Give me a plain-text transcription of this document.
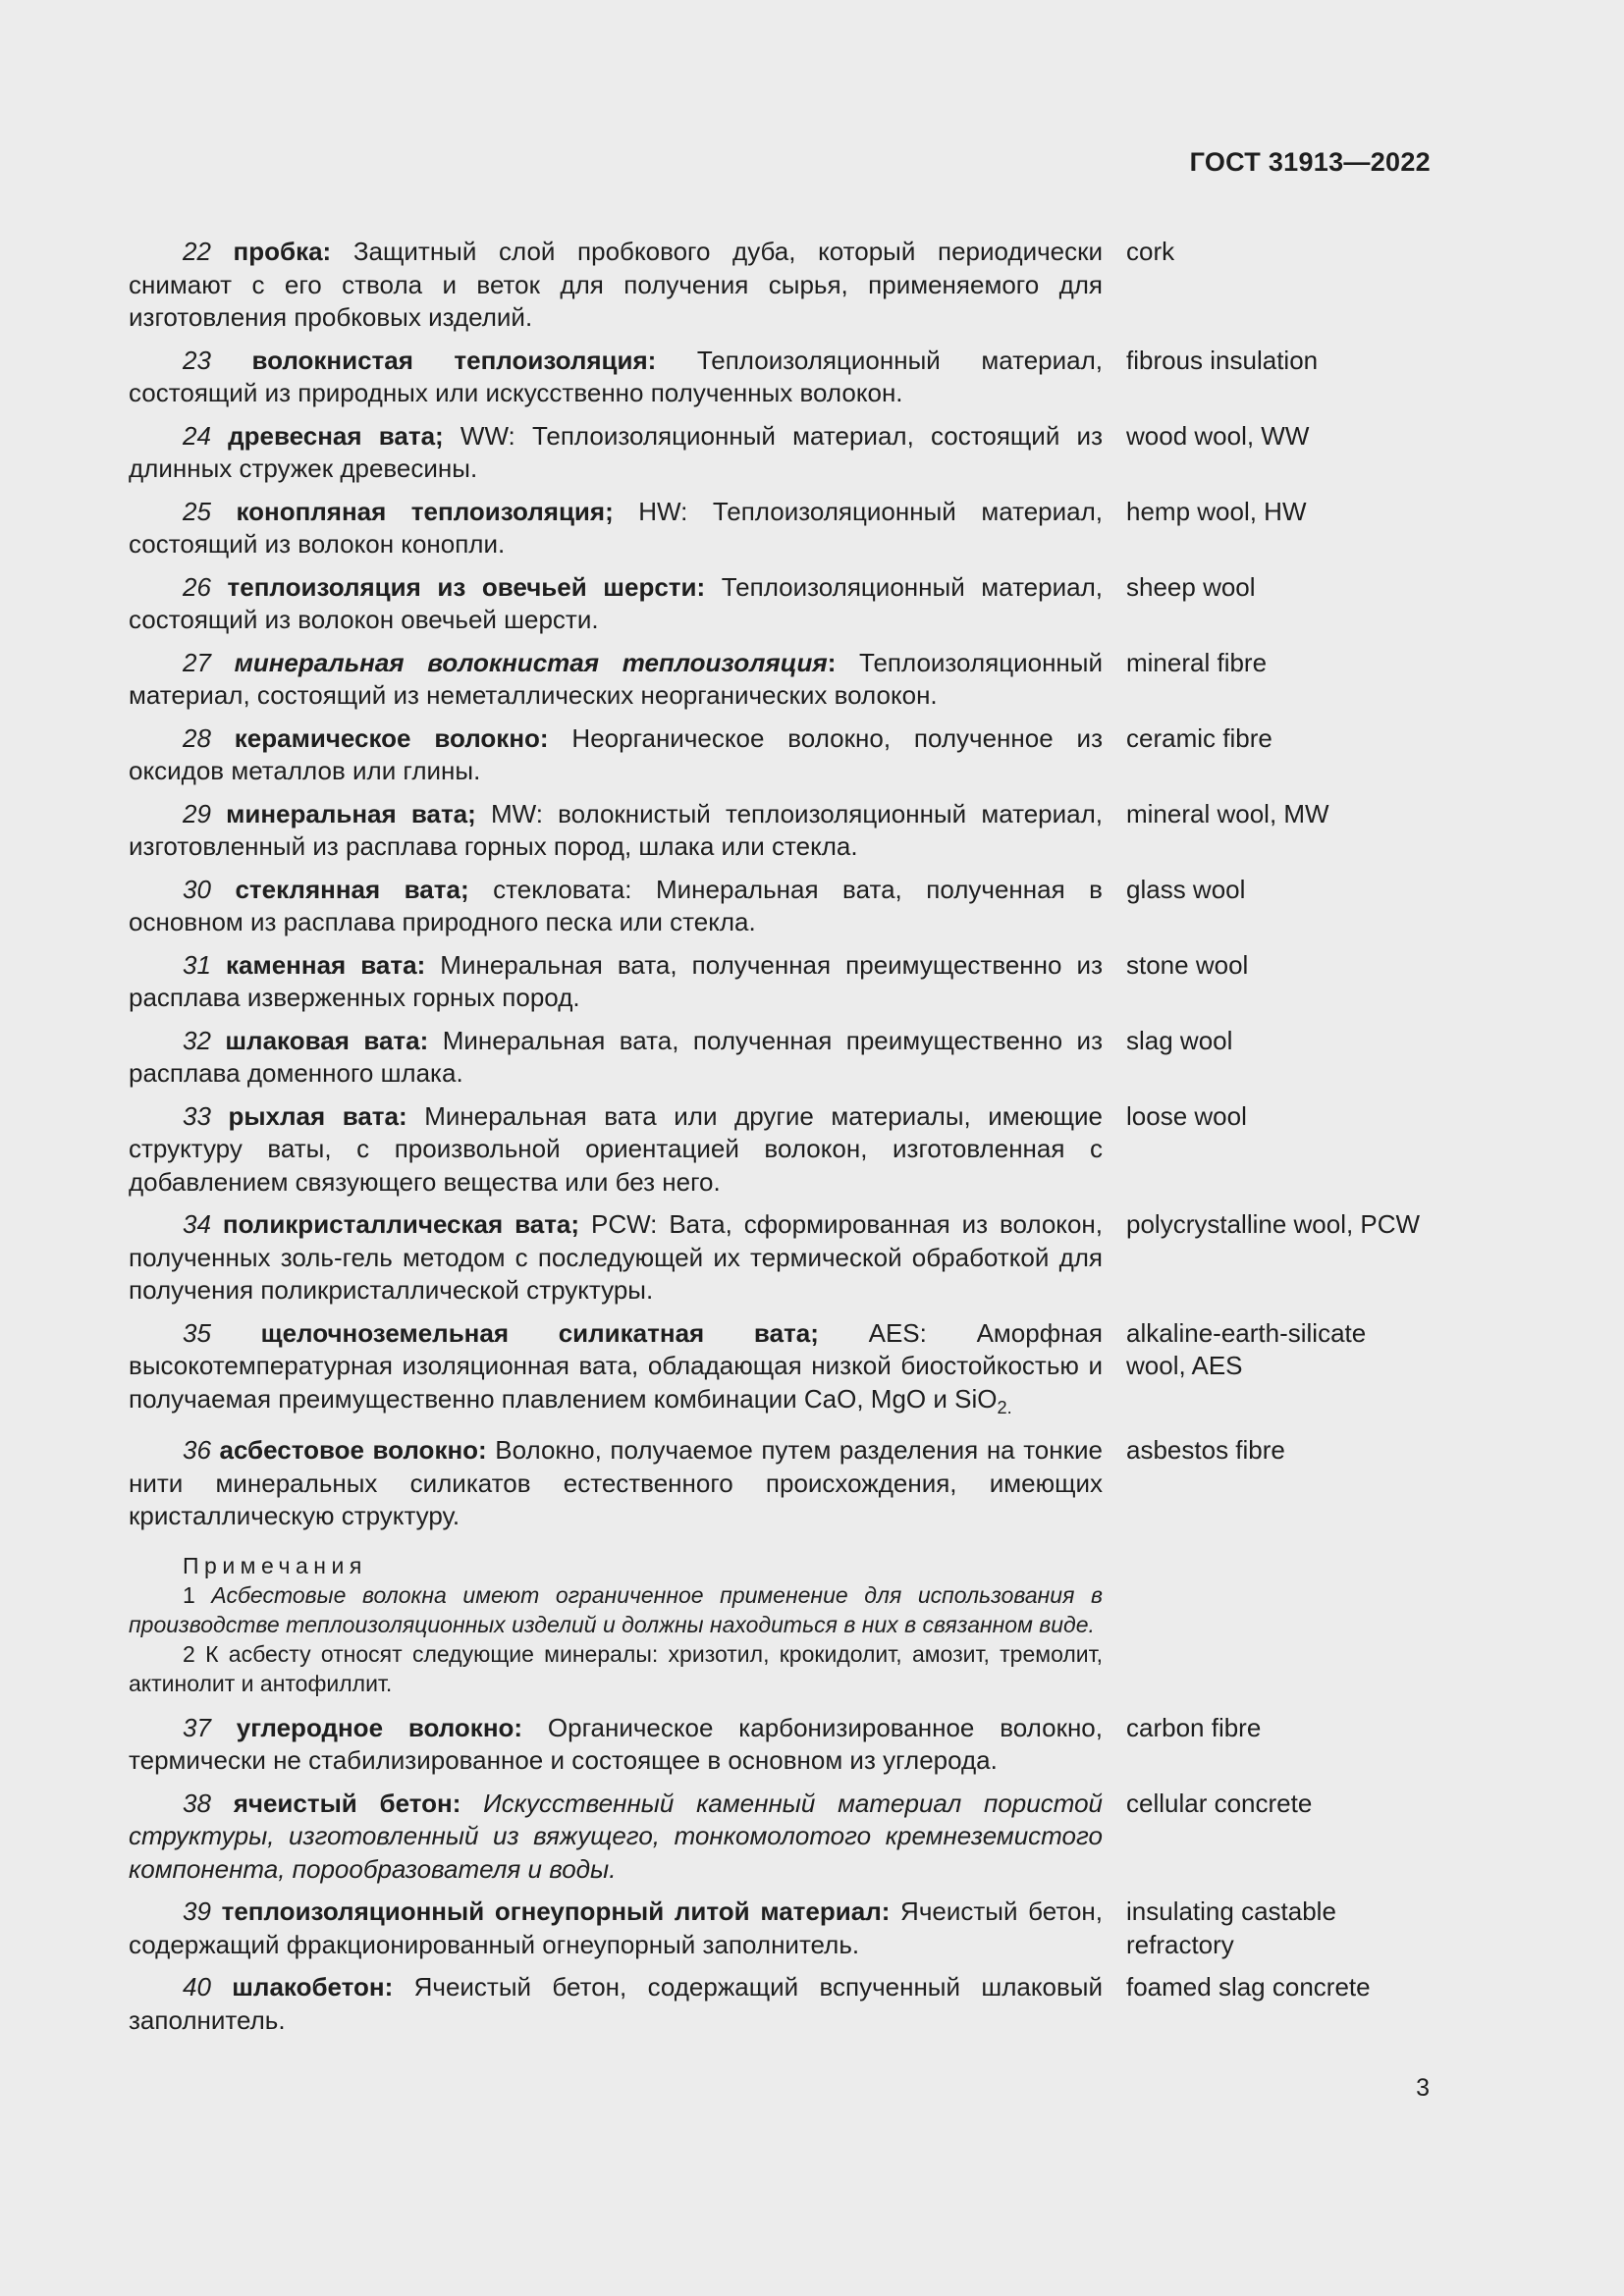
ГОСТ 31913—2022
22 пробка: Защитный слой пробкового дуба, который периодически снимают с его ствола и веток для получения сырья, применяемого для изготовления пробковых изделий.
cork
23 волокнистая теплоизоляция: Теплоизоляционный материал, состоящий из природных или искусственно полученных волокон.
fibrous insulation
24 древесная вата; WW: Теплоизоляционный материал, состоящий из длинных стружек древесины.
wood wool, WW
25 конопляная теплоизоляция; HW: Теплоизоляционный материал, состоящий из волокон конопли.
hemp wool, HW
26 теплоизоляция из овечьей шерсти: Теплоизоляционный материал, состоящий из волокон овечьей шерсти.
sheep wool
27 минеральная волокнистая теплоизоляция: Теплоизоляционный материал, состоящий из неметаллических неорганических волокон.
mineral fibre
28 керамическое волокно: Неорганическое волокно, полученное из оксидов металлов или глины.
ceramic fibre
29 минеральная вата; MW: волокнистый теплоизоляционный материал, изготовленный из расплава горных пород, шлака или стекла.
mineral wool, MW
30 стеклянная вата; стекловата: Минеральная вата, полученная в основном из расплава природного песка или стекла.
glass wool
31 каменная вата: Минеральная вата, полученная преимущественно из расплава изверженных горных пород.
stone wool
32 шлаковая вата: Минеральная вата, полученная преимущественно из расплава доменного шлака.
slag wool
33 рыхлая вата: Минеральная вата или другие материалы, имеющие структуру ваты, с произвольной ориентацией волокон, изготовленная с добавлением связующего вещества или без него.
loose wool
34 поликристаллическая вата; PCW: Вата, сформированная из волокон, полученных золь-гель методом с последующей их термической обработкой для получения поликристаллической структуры.
polycrystalline wool, PCW
35 щелочноземельная силикатная вата; AES: Аморфная высокотемпературная изоляционная вата, обладающая низкой биостойкостью и получаемая преимущественно плавлением комбинации CaO, MgO и SiO$_{2.}$
alkaline-earth-silicate wool, AES
36 асбестовое волокно: Волокно, получаемое путем разделения на тонкие нити минеральных силикатов естественного происхождения, имеющих кристаллическую структуру.
asbestos fibre
Примечания
1 Асбестовые волокна имеют ограниченное применение для использования в производстве теплоизоляционных изделий и должны находиться в них в связанном виде.
2 К асбесту относят следующие минералы: хризотил, крокидолит, амозит, тремолит, актинолит и антофиллит.
37 углеродное волокно: Органическое карбонизированное волокно, термически не стабилизированное и состоящее в основном из углерода.
carbon fibre
38 ячеистый бетон: Искусственный каменный материал пористой структуры, изготовленный из вяжущего, тонкомолотого кремнеземистого компонента, порообразователя и воды.
cellular concrete
39 теплоизоляционный огнеупорный литой материал: Ячеистый бетон, содержащий фракционированный огнеупорный заполнитель.
insulating castable refractory
40 шлакобетон: Ячеистый бетон, содержащий вспученный шлаковый заполнитель.
foamed slag concrete
3
